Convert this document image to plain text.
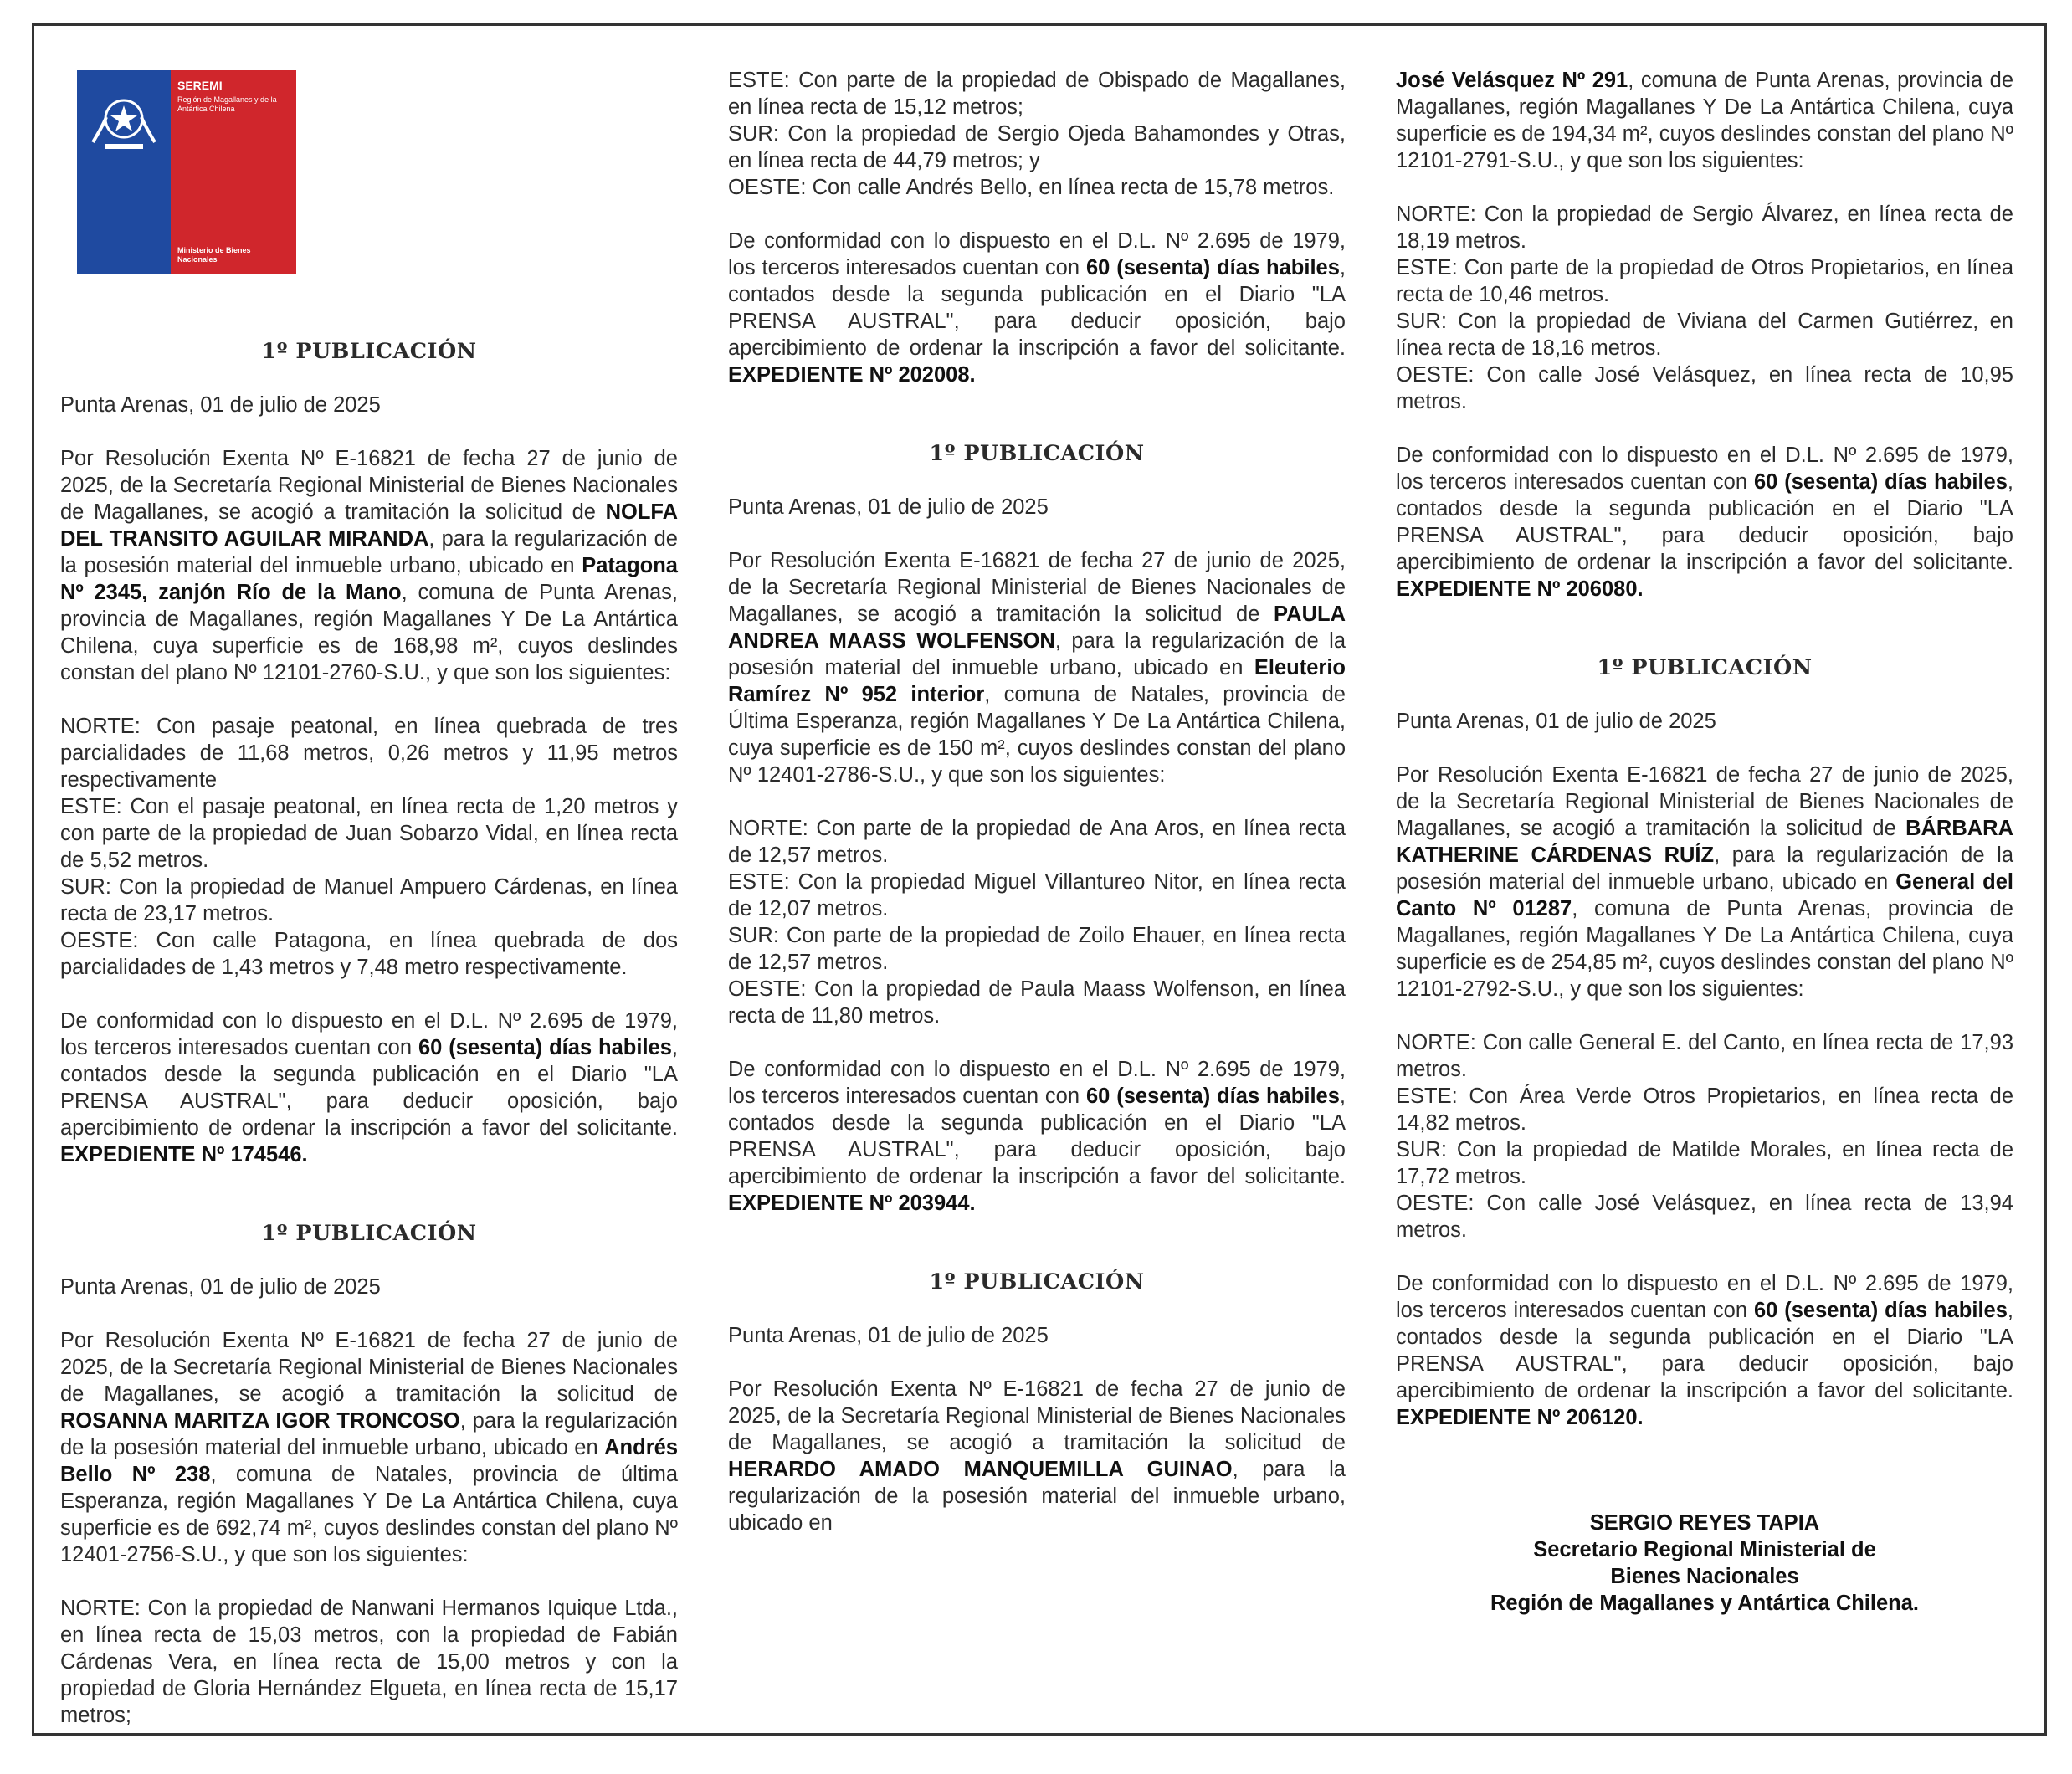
SEREMI
Región de Magallanes y de la Antártica Chilena
Ministerio de Bienes Nacionales

1º PUBLICACIÓN

Punta Arenas, 01 de julio de 2025

Por Resolución Exenta Nº E-16821 de fecha 27 de junio de 2025, de la Secretaría Regional Ministerial de Bienes Nacionales de Magallanes, se acogió a tramitación la solicitud de NOLFA DEL TRANSITO AGUILAR MIRANDA, para la regularización de la posesión material del inmueble urbano, ubicado en Patagona Nº 2345, zanjón Río de la Mano, comuna de Punta Arenas, provincia de Magallanes, región Magallanes Y De La Antártica Chilena, cuya superficie es de 168,98 m², cuyos deslindes constan del plano Nº 12101-2760-S.U., y que son los siguientes:

NORTE: Con pasaje peatonal, en línea quebrada de tres parcialidades de 11,68 metros, 0,26 metros y 11,95 metros respectivamente

ESTE: Con el pasaje peatonal, en línea recta de 1,20 metros y con parte de la propiedad de Juan Sobarzo Vidal, en línea recta de 5,52 metros.

SUR: Con la propiedad de Manuel Ampuero Cárdenas, en línea recta de 23,17 metros.

OESTE: Con calle Patagona, en línea quebrada de dos parcialidades de 1,43 metros y 7,48 metro respectivamente.

De conformidad con lo dispuesto en el D.L. Nº 2.695 de 1979, los terceros interesados cuentan con 60 (sesenta) días habiles, contados desde la segunda publicación en el Diario "LA PRENSA AUSTRAL", para deducir oposición, bajo apercibimiento de ordenar la inscripción a favor del solicitante. EXPEDIENTE Nº 174546.

1º PUBLICACIÓN

Punta Arenas, 01 de julio de 2025

Por Resolución Exenta Nº E-16821 de fecha 27 de junio de 2025, de la Secretaría Regional Ministerial de Bienes Nacionales de Magallanes, se acogió a tramitación la solicitud de ROSANNA MARITZA IGOR TRONCOSO, para la regularización de la posesión material del inmueble urbano, ubicado en Andrés Bello Nº 238, comuna de Natales, provincia de última Esperanza, región Magallanes Y De La Antártica Chilena, cuya superficie es de 692,74 m², cuyos deslindes constan del plano Nº 12401-2756-S.U., y que son los siguientes:

NORTE: Con la propiedad de Nanwani Hermanos Iquique Ltda., en línea recta de 15,03 metros, con la propiedad de Fabián Cárdenas Vera, en línea recta de 15,00 metros y con la propiedad de Gloria Hernández Elgueta, en línea recta de 15,17 metros;

ESTE: Con parte de la propiedad de Obispado de Magallanes, en línea recta de 15,12 metros;

SUR: Con la propiedad de Sergio Ojeda Bahamondes y Otras, en línea recta de 44,79 metros; y

OESTE: Con calle Andrés Bello, en línea recta de 15,78 metros.

De conformidad con lo dispuesto en el D.L. Nº 2.695 de 1979, los terceros interesados cuentan con 60 (sesenta) días habiles, contados desde la segunda publicación en el Diario "LA PRENSA AUSTRAL", para deducir oposición, bajo apercibimiento de ordenar la inscripción a favor del solicitante. EXPEDIENTE Nº 202008.

1º PUBLICACIÓN

Punta Arenas, 01 de julio de 2025

Por Resolución Exenta E-16821 de fecha 27 de junio de 2025, de la Secretaría Regional Ministerial de Bienes Nacionales de Magallanes, se acogió a tramitación la solicitud de PAULA ANDREA MAASS WOLFENSON, para la regularización de la posesión material del inmueble urbano, ubicado en Eleuterio Ramírez Nº 952 interior, comuna de Natales, provincia de Última Esperanza, región Magallanes Y De La Antártica Chilena, cuya superficie es de 150 m², cuyos deslindes constan del plano Nº 12401-2786-S.U., y que son los siguientes:

NORTE: Con parte de la propiedad de Ana Aros, en línea recta de 12,57 metros.

ESTE: Con la propiedad Miguel Villantureo Nitor, en línea recta de 12,07 metros.

SUR: Con parte de la propiedad de Zoilo Ehauer, en línea recta de 12,57 metros.

OESTE: Con la propiedad de Paula Maass Wolfenson, en línea recta de 11,80 metros.

De conformidad con lo dispuesto en el D.L. Nº 2.695 de 1979, los terceros interesados cuentan con 60 (sesenta) días habiles, contados desde la segunda publicación en el Diario "LA PRENSA AUSTRAL", para deducir oposición, bajo apercibimiento de ordenar la inscripción a favor del solicitante. EXPEDIENTE Nº 203944.

1º PUBLICACIÓN

Punta Arenas, 01 de julio de 2025

Por Resolución Exenta Nº E-16821 de fecha 27 de junio de 2025, de la Secretaría Regional Ministerial de Bienes Nacionales de Magallanes, se acogió a tramitación la solicitud de HERARDO AMADO MANQUEMILLA GUINAO, para la regularización de la posesión material del inmueble urbano, ubicado en

José Velásquez Nº 291, comuna de Punta Arenas, provincia de Magallanes, región Magallanes Y De La Antártica Chilena, cuya superficie es de 194,34 m², cuyos deslindes constan del plano Nº 12101-2791-S.U., y que son los siguientes:

NORTE: Con la propiedad de Sergio Álvarez, en línea recta de 18,19 metros.

ESTE: Con parte de la propiedad de Otros Propietarios, en línea recta de 10,46 metros.

SUR: Con la propiedad de Viviana del Carmen Gutiérrez, en línea recta de 18,16 metros.

OESTE: Con calle José Velásquez, en línea recta de 10,95 metros.

De conformidad con lo dispuesto en el D.L. Nº 2.695 de 1979, los terceros interesados cuentan con 60 (sesenta) días habiles, contados desde la segunda publicación en el Diario "LA PRENSA AUSTRAL", para deducir oposición, bajo apercibimiento de ordenar la inscripción a favor del solicitante. EXPEDIENTE Nº 206080.

1º PUBLICACIÓN

Punta Arenas, 01 de julio de 2025

Por Resolución Exenta E-16821 de fecha 27 de junio de 2025, de la Secretaría Regional Ministerial de Bienes Nacionales de Magallanes, se acogió a tramitación la solicitud de BÁRBARA KATHERINE CÁRDENAS RUÍZ, para la regularización de la posesión material del inmueble urbano, ubicado en General del Canto Nº 01287, comuna de Punta Arenas, provincia de Magallanes, región Magallanes Y De La Antártica Chilena, cuya superficie es de 254,85 m², cuyos deslindes constan del plano Nº 12101-2792-S.U., y que son los siguientes:

NORTE: Con calle General E. del Canto, en línea recta de 17,93 metros.

ESTE: Con Área Verde Otros Propietarios, en línea recta de 14,82 metros.

SUR: Con la propiedad de Matilde Morales, en línea recta de 17,72 metros.

OESTE: Con calle José Velásquez, en línea recta de 13,94 metros.

De conformidad con lo dispuesto en el D.L. Nº 2.695 de 1979, los terceros interesados cuentan con 60 (sesenta) días habiles, contados desde la segunda publicación en el Diario "LA PRENSA AUSTRAL", para deducir oposición, bajo apercibimiento de ordenar la inscripción a favor del solicitante. EXPEDIENTE Nº 206120.

SERGIO REYES TAPIA

Secretario Regional Ministerial de

Bienes Nacionales

Región de Magallanes y Antártica Chilena.
